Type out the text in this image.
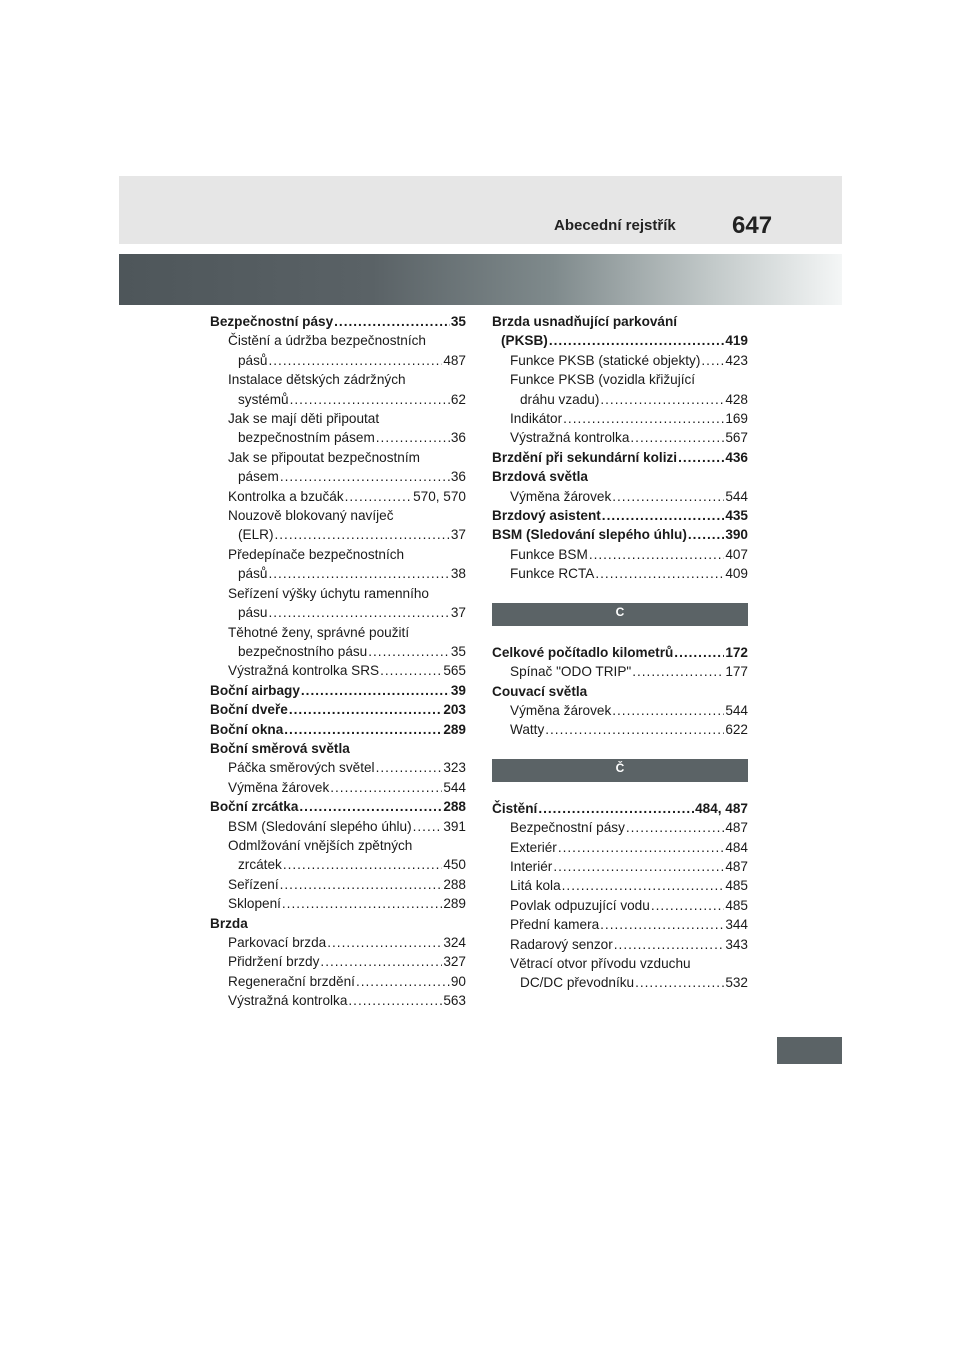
Abecední rejstřík 647
Bezpečnostní pásy .....	35
Čistění a údržba bezpečnostních
pásů .....	487
Instalace dětských zádržných
systémů .....	62
Jak se mají děti připoutat
bezpečnostním pásem .....	36
Jak se připoutat bezpečnostním
pásem .....	36
Kontrolka a bzučák .....	570, 570
Nouzově blokovaný navíječ
(ELR) .....	37
Předepínače bezpečnostních
pásů .....	38
Seřízení výšky úchytu ramenního
pásu .....	37
Těhotné ženy, správné použití
bezpečnostního pásu .....	35
Výstražná kontrolka SRS .....	565
Boční airbagy .....	39
Boční dveře .....	203
Boční okna .....	289
Boční směrová světla
Páčka směrových světel .....	323
Výměna žárovek .....	544
Boční zrcátka .....	288
BSM (Sledování slepého úhlu) ..... 391
Odmlžování vnějších zpětných
zrcátek .....	450
Seřízení .....	288
Sklopení .....	289
Brzda
Parkovací brzda .....	324
Přidržení brzdy .....	327
Regenerační brzdění .....	90
Výstražná kontrolka .....	563
Brzda usnadňující parkování
(PKSB) .....	419
Funkce PKSB (statické objekty) ..... 423
Funkce PKSB (vozidla křižující
dráhu vzadu) .....	428
Indikátor .....	169
Výstražná kontrolka .....	567
Brzdění při sekundární kolizi .....	436
Brzdová světla
Výměna žárovek .....	544
Brzdový asistent .....	435
BSM (Sledování slepého úhlu) .....	390
Funkce BSM .....	407
Funkce RCTA .....	409
C
Celkové počítadlo kilometrů .....	172
Spínač "ODO TRIP" .....	177
Couvací světla
Výměna žárovek .....	544
Watty .....	622
Č
Čistění .....	484, 487
Bezpečnostní pásy .....	487
Exteriér .....	484
Interiér .....	487
Litá kola .....	485
Povlak odpuzující vodu .....	485
Přední kamera .....	344
Radarový senzor .....	343
Větrací otvor přívodu vzduchu
DC/DC převodníku .....	532
